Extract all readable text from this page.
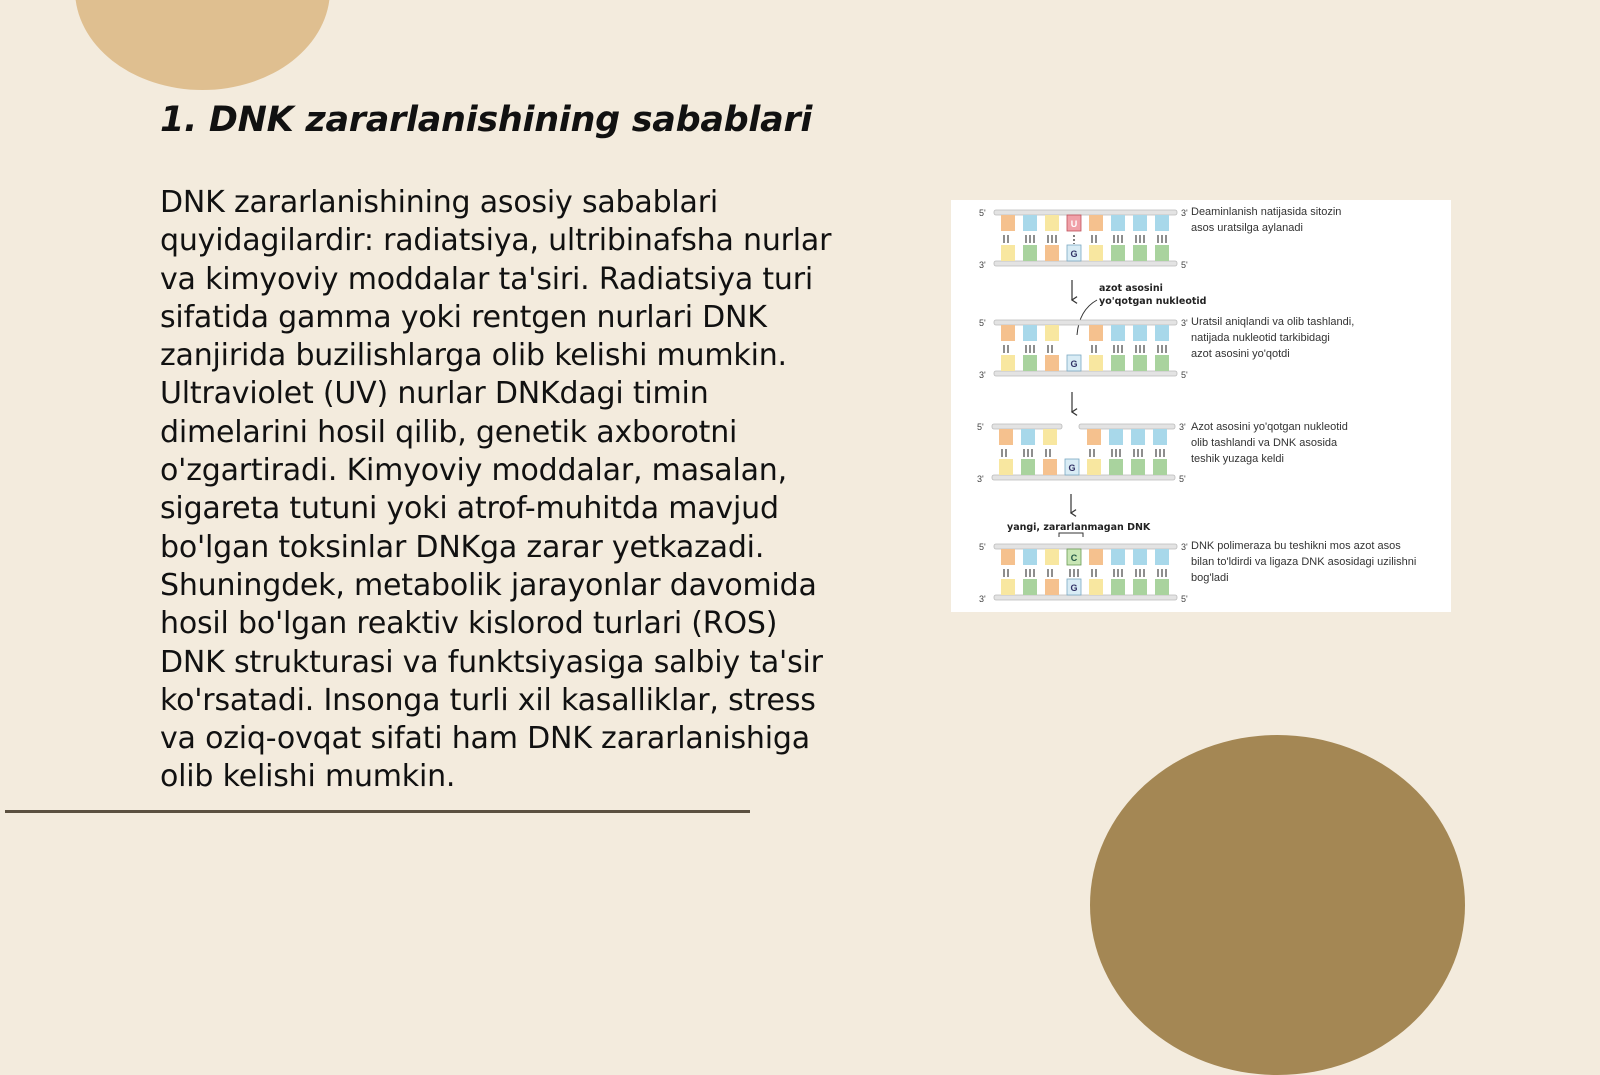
1. DNK zararlanishining sabablari

DNK zararlanishining asosiy sabablari
quyidagilardir: radiatsiya, ultribinafsha nurlar
va kimyoviy moddalar ta'siri. Radiatsiya turi
sifatida gamma yoki rentgen nurlari DNK
zanjirida buzilishlarga olib kelishi mumkin.
Ultraviolet (UV) nurlar DNKdagi timin
dimelarini hosil qilib, genetik axborotni
o'zgartiradi. Kimyoviy moddalar, masalan,
sigareta tutuni yoki atrof-muhitda mavjud
bo'lgan toksinlar DNKga zarar yetkazadi.
Shuningdek, metabolik jarayonlar davomida
hosil bo'lgan reaktiv kislorod turlari (ROS)
DNK strukturasi va funktsiyasiga salbiy ta'sir
ko'rsatadi. Insonga turli xil kasalliklar, stress
va oziq-ovqat sifati ham DNK zararlanishiga
olib kelishi mumkin.

5'
3'
U
G
3'
5'
Deaminlanish natijasida sitozin
asos uratsilga aylanadi
azot asosini
yo'qotgan nukleotid
5'
3'
G
3'
5'
Uratsil aniqlandi va olib tashlandi,
natijada nukleotid tarkibidagi
azot asosini yo'qotdi
5'
3'
G
3'
5'
Azot asosini yo'qotgan nukleotid
olib tashlandi va DNK asosida
teshik yuzaga keldi
yangi, zararlanmagan DNK
5'
3'
C
G
3'
5'
DNK polimeraza bu teshikni mos azot asos
bilan to'ldirdi va ligaza DNK asosidagi uzilishni
bog'ladi
